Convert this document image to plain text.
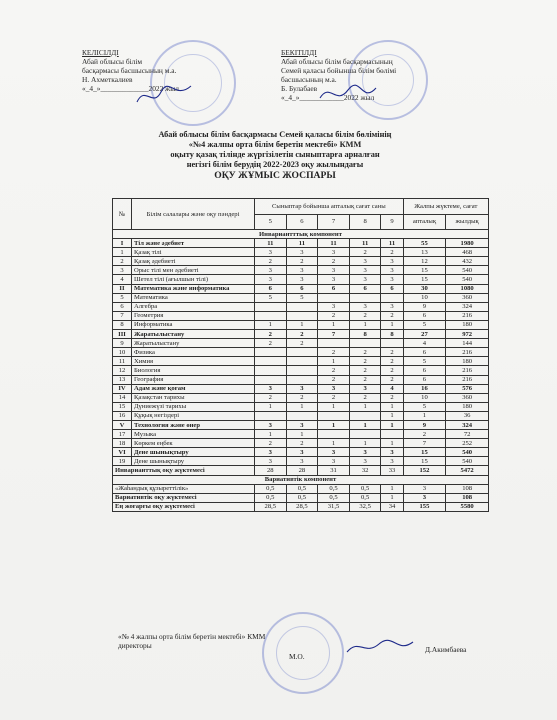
КЕЛІСІЛДІ
Абай облысы білім
басқармасы басшысының м.а.
Н. Ахметкалиев
«_4_»_____________2022 жыл
БЕКІТІЛДІ
Абай облысы білім басқармасының
Семей қаласы бойынша білім бөлімі
басшысының м.а.
Б. Булабаев
«_4_»____________2022 жыл
Абай облысы білім басқармасы Семей қаласы білім бөлімінің
«№4 жалпы орта білім беретін мектебі» КММ
оқыту қазақ тілінде жүргізілетін сыныптарға арналған
негізгі білім берудің 2022-2023 оқу жылындағы
ОҚУ ЖҰМЫС ЖОСПАРЫ
№	Білім салалары және оқу пәндері	Сыныптар бойынша апталық сағат саны					Жалпы жүктеме, сағат	
		5	6	7	8	9	апталық	жылдық
Инвариантттық компонент								
I	Тіл және әдебиет	11	11	11	11	11	55	1980
1	Қазақ тілі	3	3	3	2	2	13	468
2	Қазақ әдебиеті	2	2	2	3	3	12	432
3	Орыс тілі мен әдебиеті	3	3	3	3	3	15	540
4	Шетел тілі (ағылшын тілі)	3	3	3	3	3	15	540
II	Математика және информатика	6	6	6	6	6	30	1080
5	Математика	5	5				10	360
6	Алгебра			3	3	3	9	324
7	Геометрия			2	2	2	6	216
8	Информатика	1	1	1	1	1	5	180
III	Жаратылыстану	2	2	7	8	8	27	972
9	Жаратылыстану	2	2				4	144
10	Физика			2	2	2	6	216
11	Химия			1	2	2	5	180
12	Биология			2	2	2	6	216
13	География			2	2	2	6	216
IV	Адам және қоғам	3	3	3	3	4	16	576
14	Қазақстан тарихы	2	2	2	2	2	10	360
15	Дүниежүзі тарихы	1	1	1	1	1	5	180
16	Құқық негіздері					1	1	36
V	Технология және өнер	3	3	1	1	1	9	324
17	Музыка	1	1				2	72
18	Көркем еңбек	2	2	1	1	1	7	252
VI	Дене шынықтыру	3	3	3	3	3	15	540
19	Дене шынықтыру	3	3	3	3	3	15	540
Инварианттық оқу жүктемесі		28	28	31	32	33	152	5472
Вариативтік компонент								
«Жаһандық құзыреттілік»		0,5	0,5	0,5	0,5	1	3	108
Вариативтік оқу жүктемесі		0,5	0,5	0,5	0,5	1	3	108
Ең жоғарғы оқу жүктемесі		28,5	28,5	31,5	32,5	34	155	5580
«№ 4 жалпы орта білім беретін мектебі» КММ
директоры
М.О.
Д.Акимбаева
